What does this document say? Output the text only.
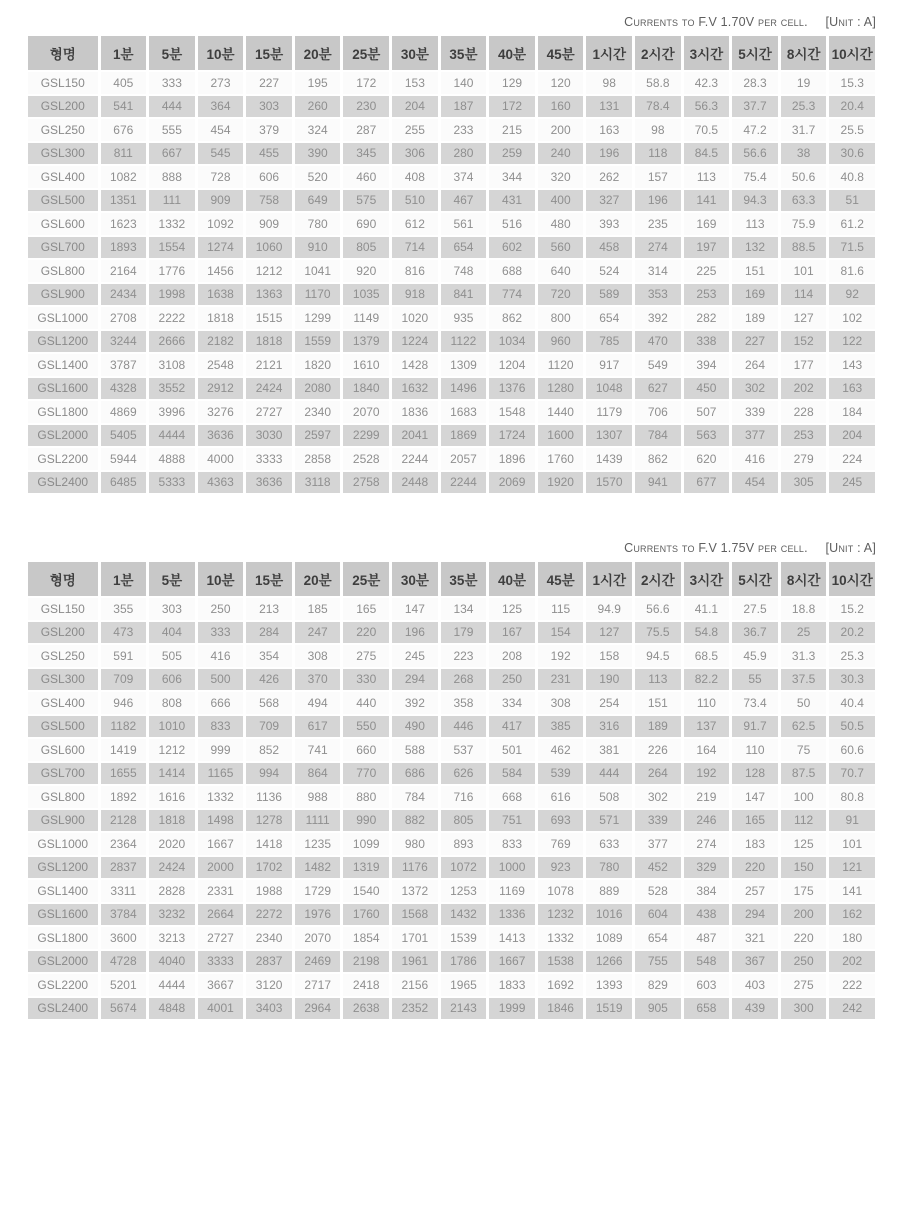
Currents to F.V 1.70V per cell. [Unit : A]
형명	1분	5분	10분	15분	20분	25분	30분	35분	40분	45분	1시간	2시간	3시간	5시간	8시간	10시간
GSL150	405	333	273	227	195	172	153	140	129	120	98	58.8	42.3	28.3	19	15.3
GSL200	541	444	364	303	260	230	204	187	172	160	131	78.4	56.3	37.7	25.3	20.4
GSL250	676	555	454	379	324	287	255	233	215	200	163	98	70.5	47.2	31.7	25.5
GSL300	811	667	545	455	390	345	306	280	259	240	196	118	84.5	56.6	38	30.6
GSL400	1082	888	728	606	520	460	408	374	344	320	262	157	113	75.4	50.6	40.8
GSL500	1351	111	909	758	649	575	510	467	431	400	327	196	141	94.3	63.3	51
GSL600	1623	1332	1092	909	780	690	612	561	516	480	393	235	169	113	75.9	61.2
GSL700	1893	1554	1274	1060	910	805	714	654	602	560	458	274	197	132	88.5	71.5
GSL800	2164	1776	1456	1212	1041	920	816	748	688	640	524	314	225	151	101	81.6
GSL900	2434	1998	1638	1363	1170	1035	918	841	774	720	589	353	253	169	114	92
GSL1000	2708	2222	1818	1515	1299	1149	1020	935	862	800	654	392	282	189	127	102
GSL1200	3244	2666	2182	1818	1559	1379	1224	1122	1034	960	785	470	338	227	152	122
GSL1400	3787	3108	2548	2121	1820	1610	1428	1309	1204	1120	917	549	394	264	177	143
GSL1600	4328	3552	2912	2424	2080	1840	1632	1496	1376	1280	1048	627	450	302	202	163
GSL1800	4869	3996	3276	2727	2340	2070	1836	1683	1548	1440	1179	706	507	339	228	184
GSL2000	5405	4444	3636	3030	2597	2299	2041	1869	1724	1600	1307	784	563	377	253	204
GSL2200	5944	4888	4000	3333	2858	2528	2244	2057	1896	1760	1439	862	620	416	279	224
GSL2400	6485	5333	4363	3636	3118	2758	2448	2244	2069	1920	1570	941	677	454	305	245
Currents to F.V 1.75V per cell. [Unit : A]
형명	1분	5분	10분	15분	20분	25분	30분	35분	40분	45분	1시간	2시간	3시간	5시간	8시간	10시간
GSL150	355	303	250	213	185	165	147	134	125	115	94.9	56.6	41.1	27.5	18.8	15.2
GSL200	473	404	333	284	247	220	196	179	167	154	127	75.5	54.8	36.7	25	20.2
GSL250	591	505	416	354	308	275	245	223	208	192	158	94.5	68.5	45.9	31.3	25.3
GSL300	709	606	500	426	370	330	294	268	250	231	190	113	82.2	55	37.5	30.3
GSL400	946	808	666	568	494	440	392	358	334	308	254	151	110	73.4	50	40.4
GSL500	1182	1010	833	709	617	550	490	446	417	385	316	189	137	91.7	62.5	50.5
GSL600	1419	1212	999	852	741	660	588	537	501	462	381	226	164	110	75	60.6
GSL700	1655	1414	1165	994	864	770	686	626	584	539	444	264	192	128	87.5	70.7
GSL800	1892	1616	1332	1136	988	880	784	716	668	616	508	302	219	147	100	80.8
GSL900	2128	1818	1498	1278	1111	990	882	805	751	693	571	339	246	165	112	91
GSL1000	2364	2020	1667	1418	1235	1099	980	893	833	769	633	377	274	183	125	101
GSL1200	2837	2424	2000	1702	1482	1319	1176	1072	1000	923	780	452	329	220	150	121
GSL1400	3311	2828	2331	1988	1729	1540	1372	1253	1169	1078	889	528	384	257	175	141
GSL1600	3784	3232	2664	2272	1976	1760	1568	1432	1336	1232	1016	604	438	294	200	162
GSL1800	3600	3213	2727	2340	2070	1854	1701	1539	1413	1332	1089	654	487	321	220	180
GSL2000	4728	4040	3333	2837	2469	2198	1961	1786	1667	1538	1266	755	548	367	250	202
GSL2200	5201	4444	3667	3120	2717	2418	2156	1965	1833	1692	1393	829	603	403	275	222
GSL2400	5674	4848	4001	3403	2964	2638	2352	2143	1999	1846	1519	905	658	439	300	242
